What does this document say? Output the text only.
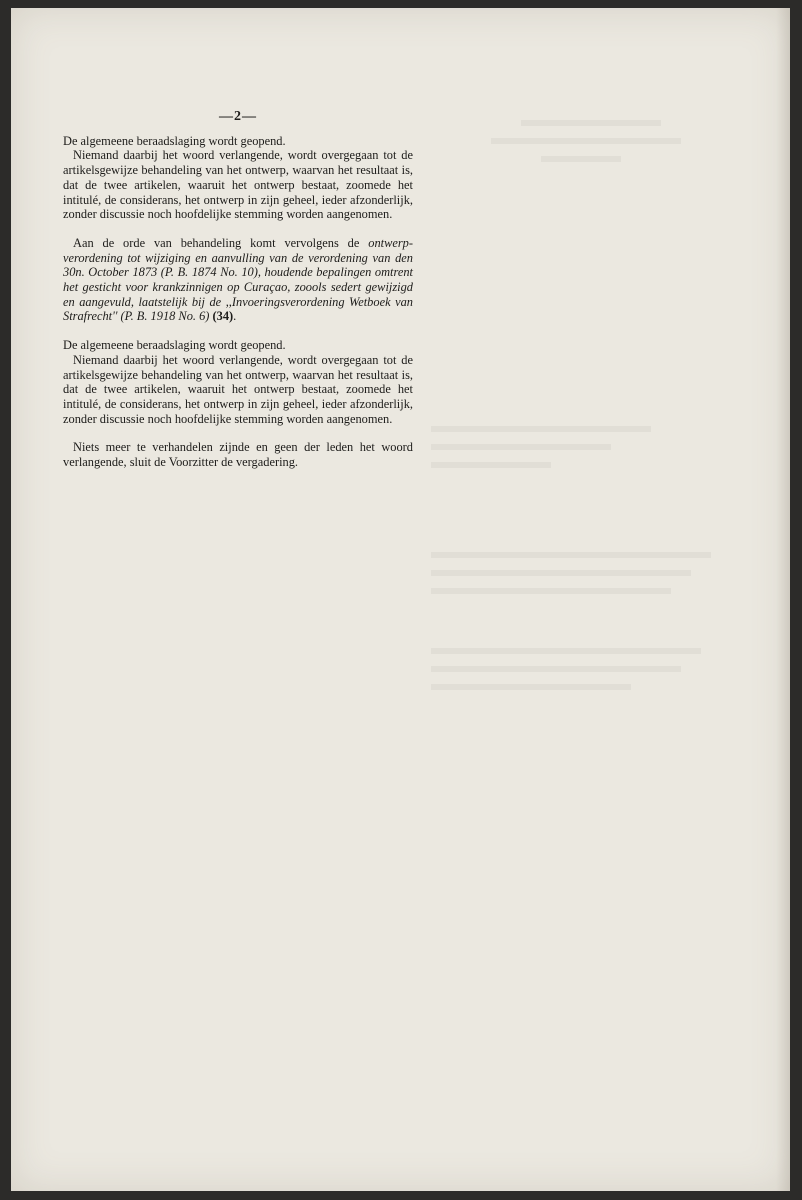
—2—

De algemeene beraadslaging wordt geopend.

Niemand daarbij het woord verlangende, wordt overgegaan tot de artikelsgewijze behandeling van het ontwerp, waarvan het resultaat is, dat de twee artikelen, waaruit het ontwerp bestaat, zoomede het intitulé, de considerans, het ontwerp in zijn geheel, ieder afzonderlijk, zonder discussie noch hoofdelijke stemming worden aangenomen.

Aan de orde van behandeling komt vervolgens de ontwerp-verordening tot wijziging en aanvulling van de verordening van den 30n. October 1873 (P. B. 1874 No. 10), houdende bepalingen omtrent het gesticht voor krankzinnigen op Curaçao, zoools sedert gewijzigd en aangevuld, laatstelijk bij de ,,Invoeringsverordening Wetboek van Strafrecht'' (P. B. 1918 No. 6) (34).

De algemeene beraadslaging wordt geopend.

Niemand daarbij het woord verlangende, wordt overgegaan tot de artikelsgewijze behandeling van het ontwerp, waarvan het resultaat is, dat de twee artikelen, waaruit het ontwerp bestaat, zoomede het intitulé, de considerans, het ontwerp in zijn geheel, ieder afzonderlijk, zonder discussie noch hoofdelijke stemming worden aangenomen.

Niets meer te verhandelen zijnde en geen der leden het woord verlangende, sluit de Voorzitter de vergadering.
